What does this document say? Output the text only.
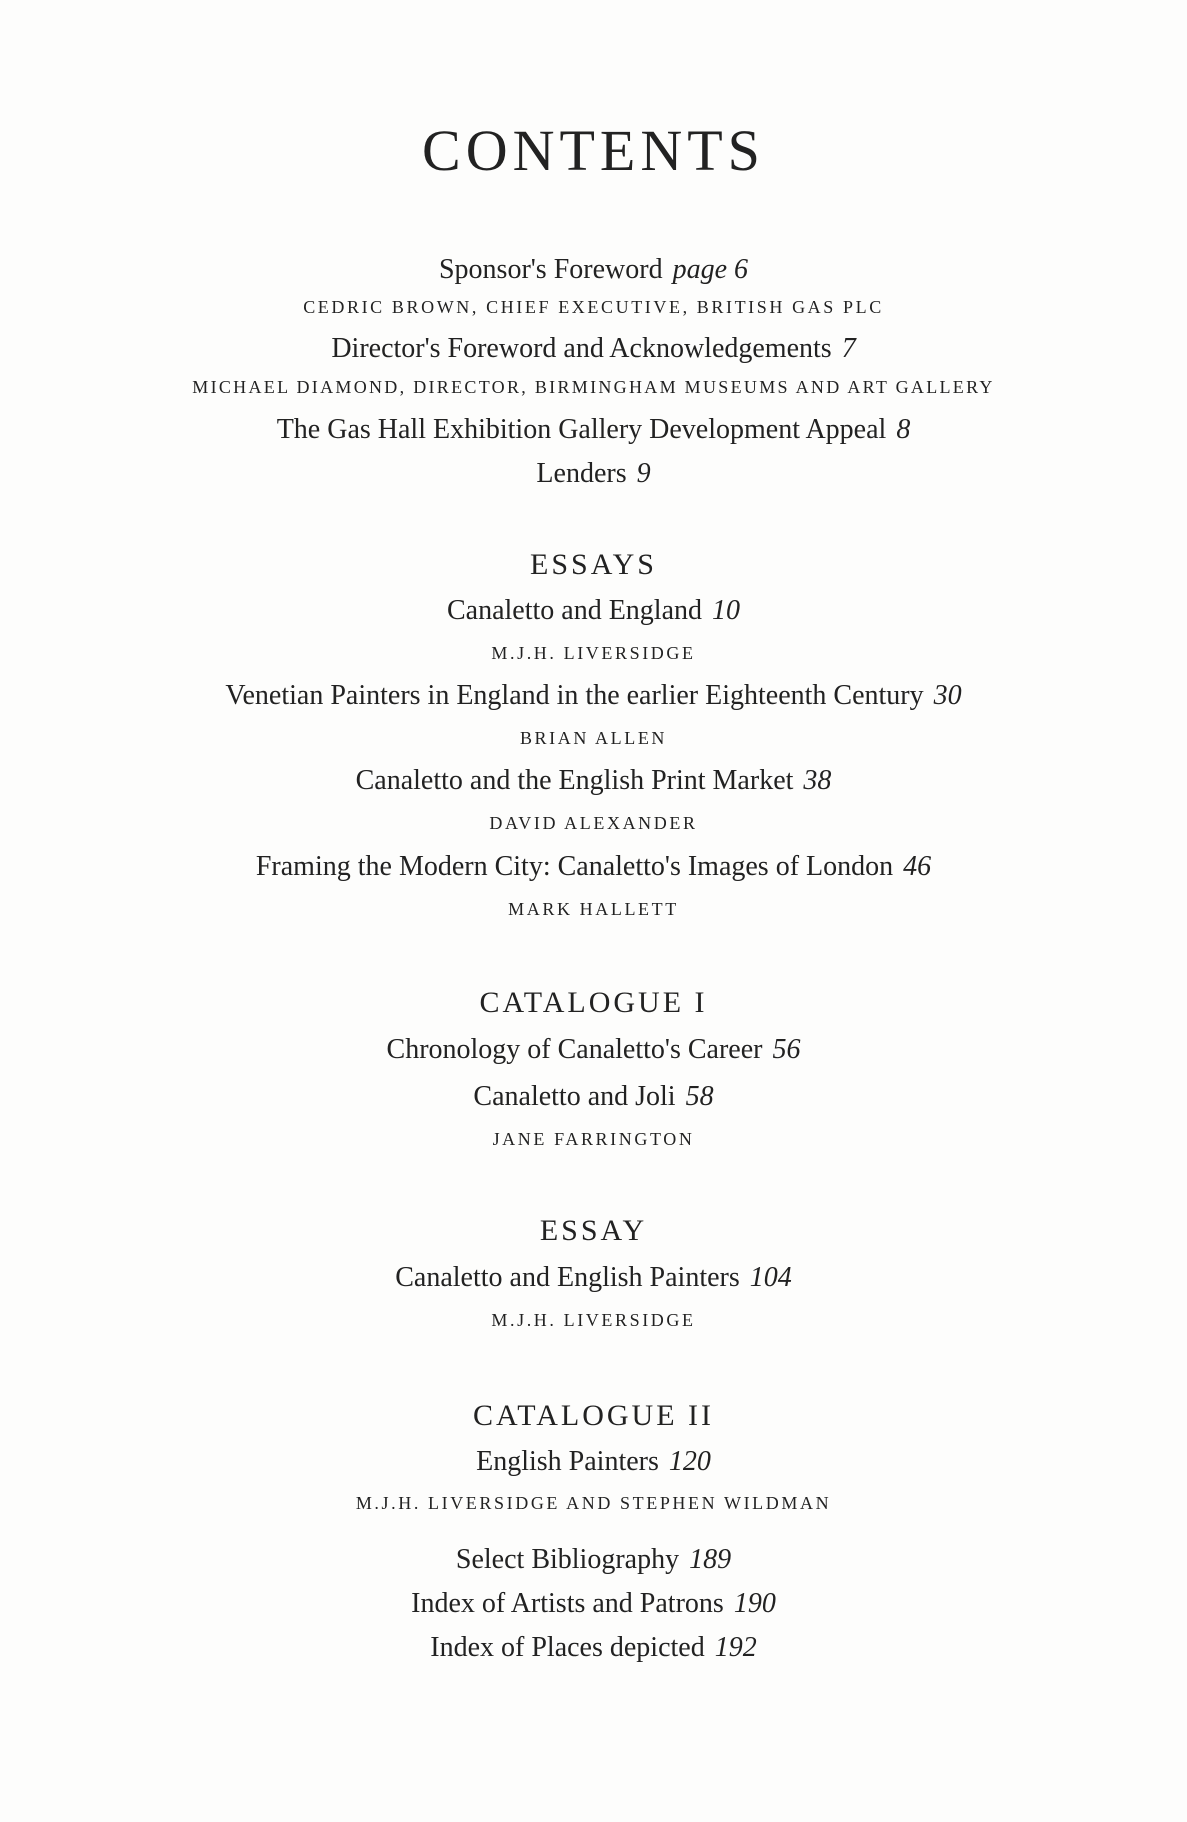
CONTENTS
Sponsor's Foreword page 6
CEDRIC BROWN, CHIEF EXECUTIVE, BRITISH GAS PLC
Director's Foreword and Acknowledgements 7
MICHAEL DIAMOND, DIRECTOR, BIRMINGHAM MUSEUMS AND ART GALLERY
The Gas Hall Exhibition Gallery Development Appeal 8
Lenders 9
ESSAYS
Canaletto and England 10
M.J.H. LIVERSIDGE
Venetian Painters in England in the earlier Eighteenth Century 30
BRIAN ALLEN
Canaletto and the English Print Market 38
DAVID ALEXANDER
Framing the Modern City: Canaletto's Images of London 46
MARK HALLETT
CATALOGUE I
Chronology of Canaletto's Career 56
Canaletto and Joli 58
JANE FARRINGTON
ESSAY
Canaletto and English Painters 104
M.J.H. LIVERSIDGE
CATALOGUE II
English Painters 120
M.J.H. LIVERSIDGE AND STEPHEN WILDMAN
Select Bibliography 189
Index of Artists and Patrons 190
Index of Places depicted 192
